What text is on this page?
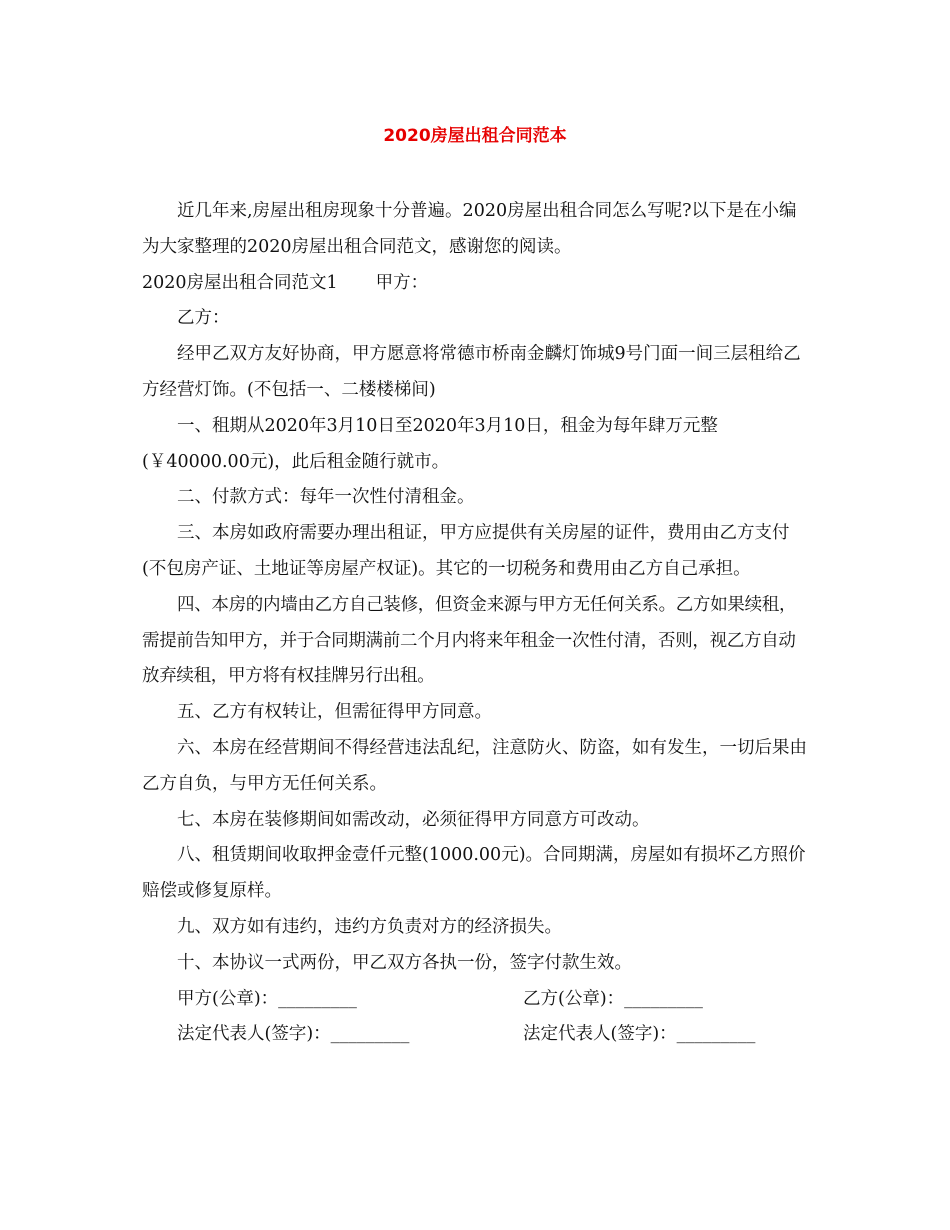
2020房屋出租合同范本

近几年来,房屋出租房现象十分普遍。2020房屋出租合同怎么写呢?以下是在小编为大家整理的2020房屋出租合同范文，感谢您的阅读。

2020房屋出租合同范文1 甲方：

乙方：

经甲乙双方友好协商，甲方愿意将常德市桥南金麟灯饰城9号门面一间三层租给乙方经营灯饰。(不包括一、二楼楼梯间)

一、租期从2020年3月10日至2020年3月10日，租金为每年肆万元整(￥40000.00元)，此后租金随行就市。

二、付款方式：每年一次性付清租金。

三、本房如政府需要办理出租证，甲方应提供有关房屋的证件，费用由乙方支付(不包房产证、土地证等房屋产权证)。其它的一切税务和费用由乙方自己承担。

四、本房的内墙由乙方自己装修，但资金来源与甲方无任何关系。乙方如果续租，需提前告知甲方，并于合同期满前二个月内将来年租金一次性付清，否则，视乙方自动放弃续租，甲方将有权挂牌另行出租。

五、乙方有权转让，但需征得甲方同意。

六、本房在经营期间不得经营违法乱纪，注意防火、防盗，如有发生，一切后果由乙方自负，与甲方无任何关系。

七、本房在装修期间如需改动，必须征得甲方同意方可改动。

八、租赁期间收取押金壹仟元整(1000.00元)。合同期满，房屋如有损坏乙方照价赔偿或修复原样。

九、双方如有违约，违约方负责对方的经济损失。

十、本协议一式两份，甲乙双方各执一份，签字付款生效。

甲方(公章)：_________	乙方(公章)：_________
法定代表人(签字)：_________	法定代表人(签字)：_________
